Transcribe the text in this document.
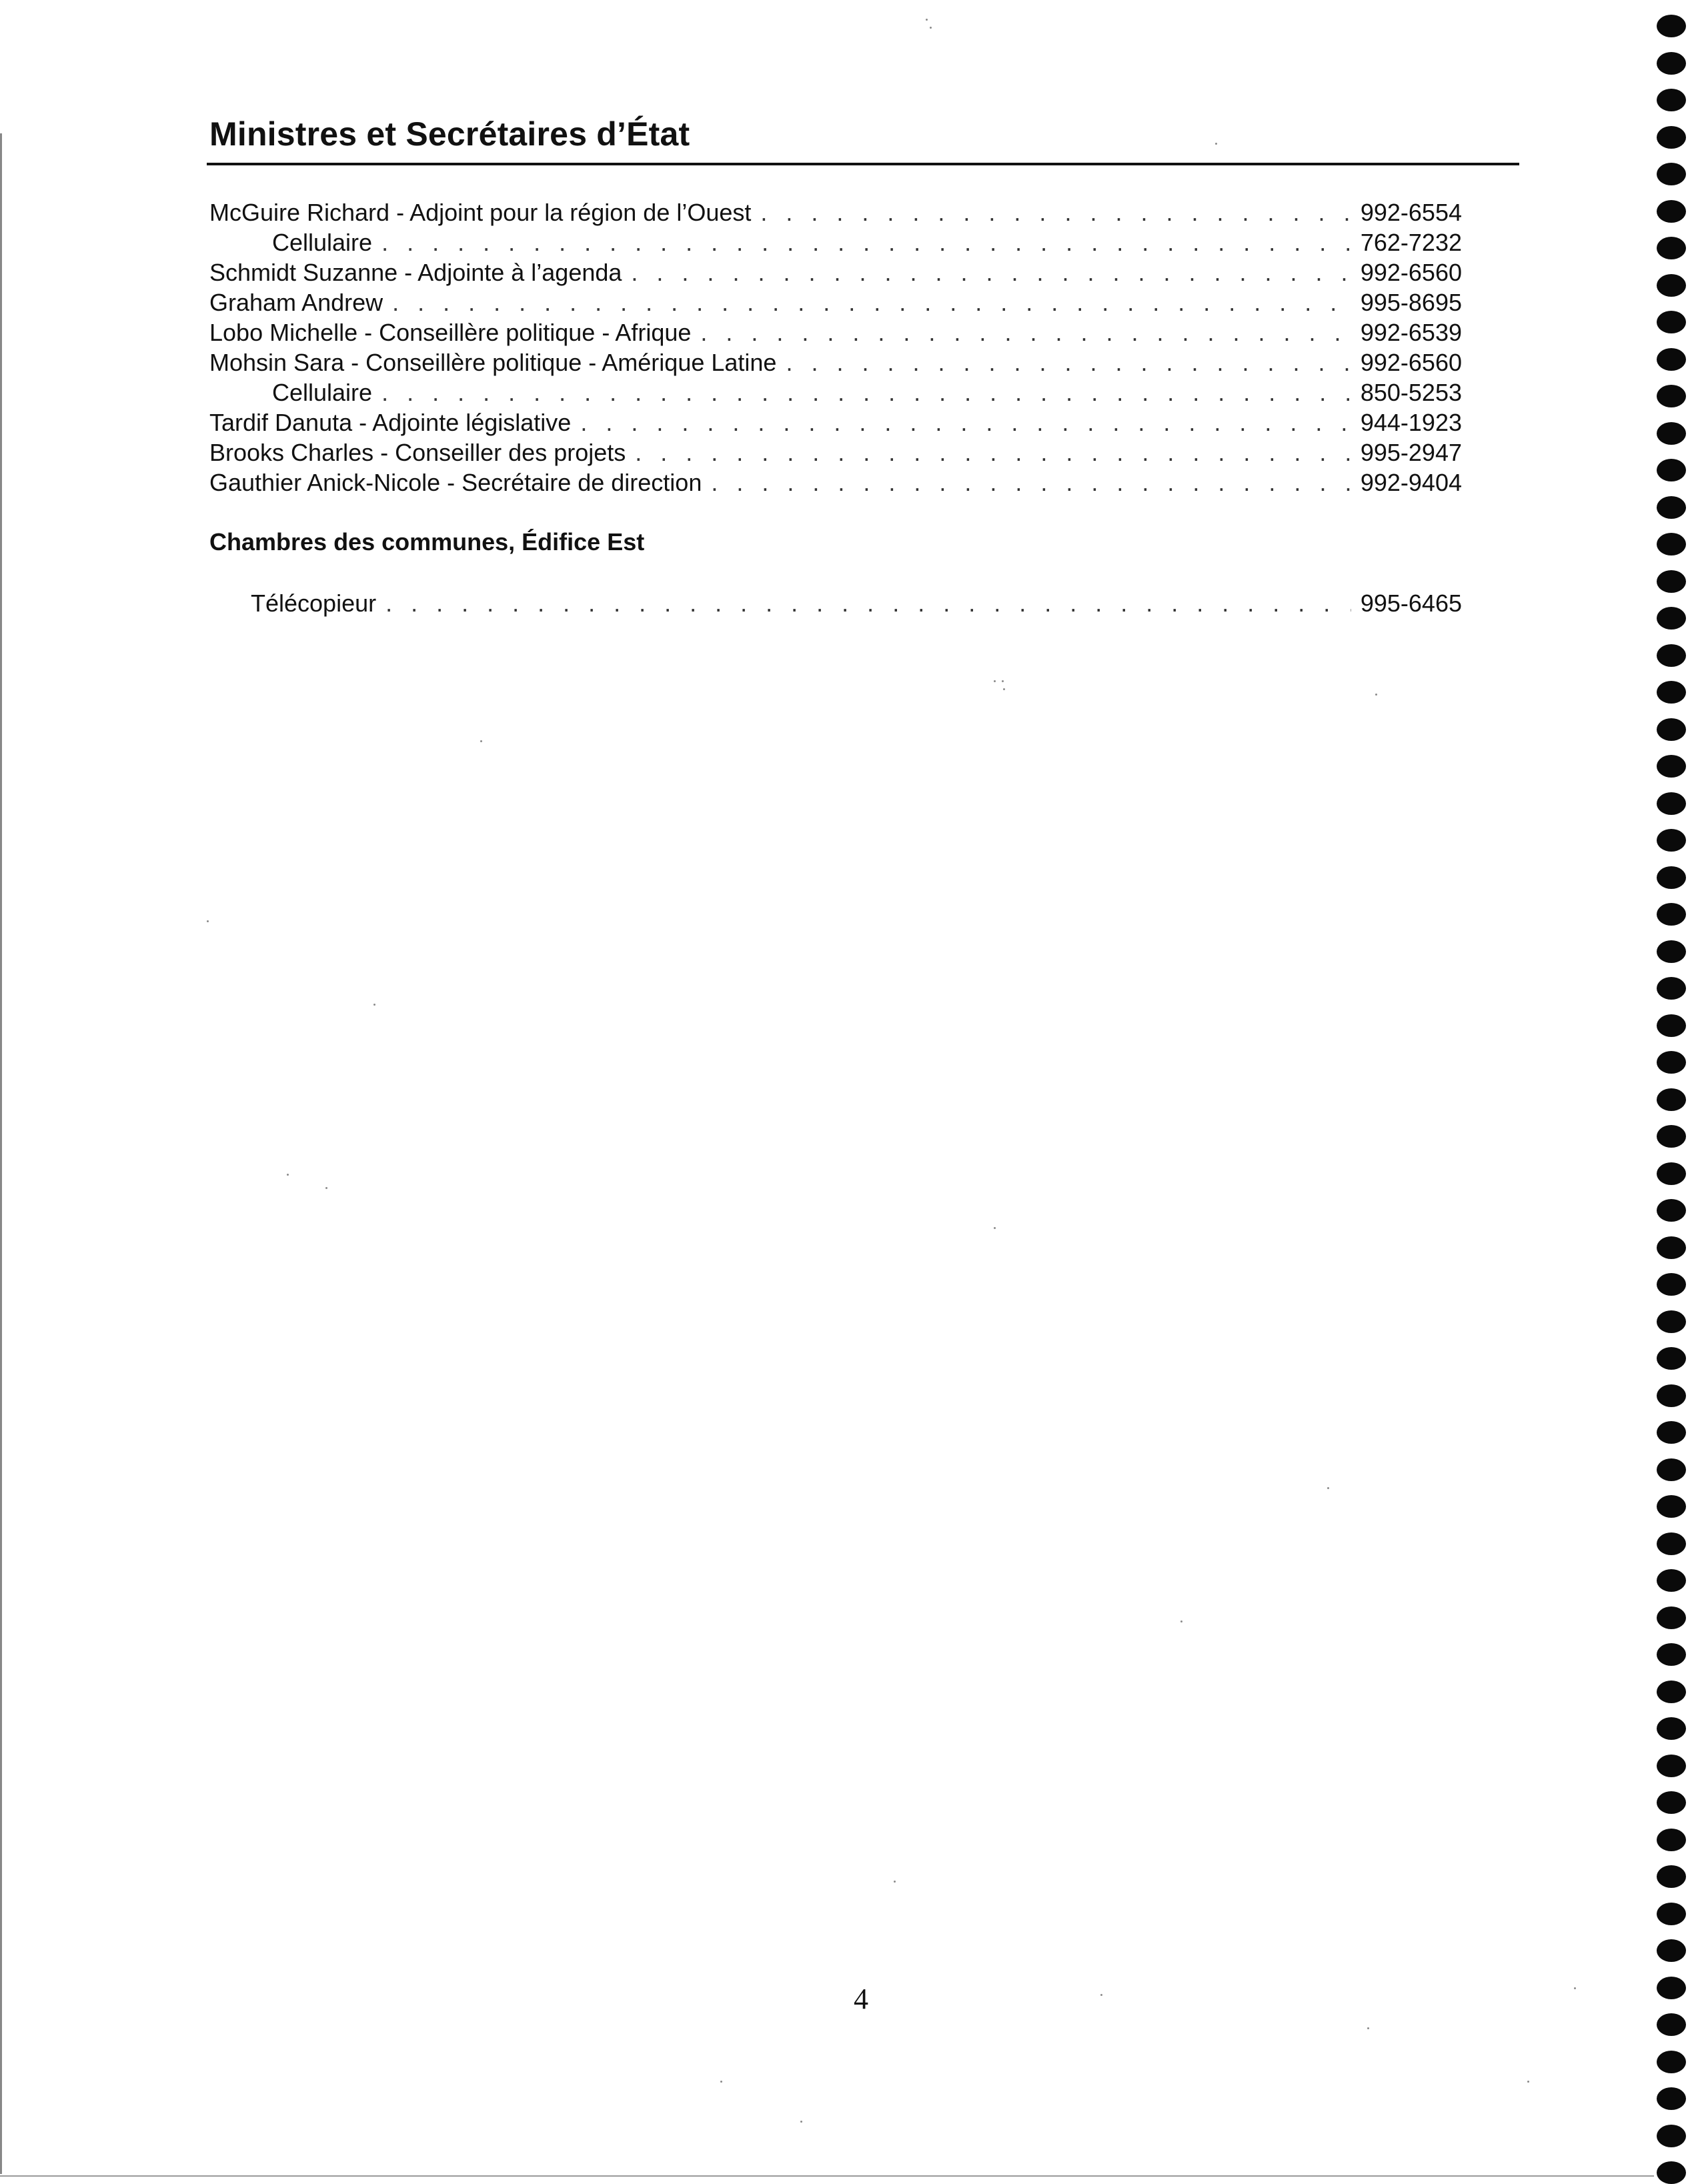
Ministres et Secrétaires d’État
McGuire Richard - Adjoint pour la région de l’Ouest . . .	992-6554
Cellulaire . . .	762-7232
Schmidt Suzanne - Adjointe à l’agenda . . .	992-6560
Graham Andrew . . .	995-8695
Lobo Michelle - Conseillère politique - Afrique . . .	992-6539
Mohsin Sara - Conseillère politique - Amérique Latine . . .	992-6560
Cellulaire . . .	850-5253
Tardif Danuta - Adjointe législative . . .	944-1923
Brooks Charles - Conseiller des projets . . .	995-2947
Gauthier Anick-Nicole - Secrétaire de direction . . .	992-9404
Chambres des communes, Édifice Est
Télécopieur . . .	995-6465
4
